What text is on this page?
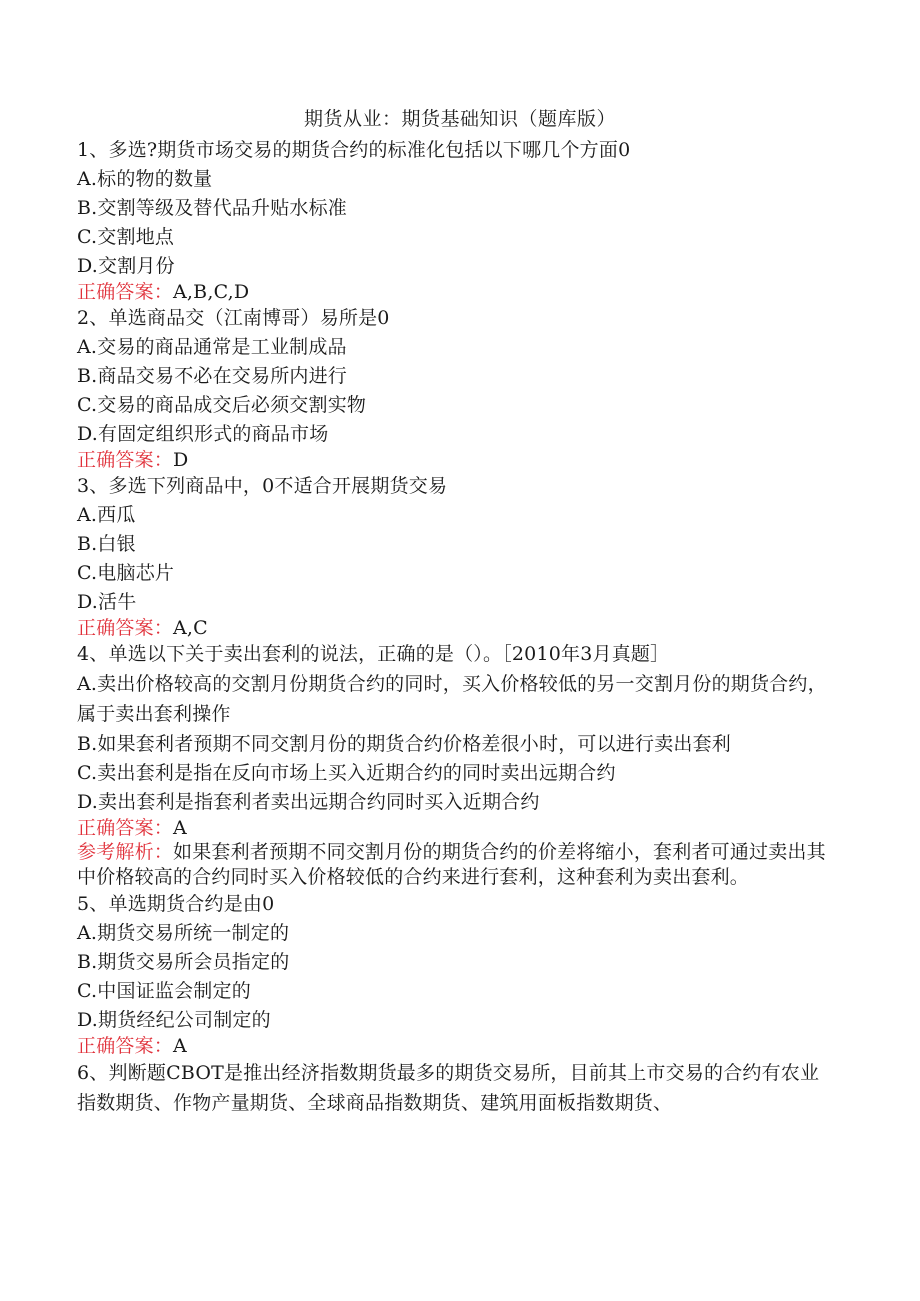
期货从业：期货基础知识（题库版）

1、多选?期货市场交易的期货合约的标准化包括以下哪几个方面0

A.标的物的数量

B.交割等级及替代品升贴水标准

C.交割地点

D.交割月份

正确答案：A,B,C,D

2、单选商品交（江南博哥）易所是0

A.交易的商品通常是工业制成品

B.商品交易不必在交易所内进行

C.交易的商品成交后必须交割实物

D.有固定组织形式的商品市场

正确答案：D

3、多选下列商品中，0不适合开展期货交易

A.西瓜

B.白银

C.电脑芯片

D.活牛

正确答案：A,C

4、单选以下关于卖出套利的说法，正确的是（）。［2010年3月真题］

A.卖出价格较高的交割月份期货合约的同时，买入价格较低的另一交割月份的期货合约，属于卖出套利操作

B.如果套利者预期不同交割月份的期货合约价格差很小时，可以进行卖出套利

C.卖出套利是指在反向市场上买入近期合约的同时卖出远期合约

D.卖出套利是指套利者卖出远期合约同时买入近期合约

正确答案：A

参考解析：如果套利者预期不同交割月份的期货合约的价差将缩小，套利者可通过卖出其中价格较高的合约同时买入价格较低的合约来进行套利，这种套利为卖出套利。

5、单选期货合约是由0

A.期货交易所统一制定的

B.期货交易所会员指定的

C.中国证监会制定的

D.期货经纪公司制定的

正确答案：A

6、判断题CBOT是推出经济指数期货最多的期货交易所，目前其上市交易的合约有农业指数期货、作物产量期货、全球商品指数期货、建筑用面板指数期货、
